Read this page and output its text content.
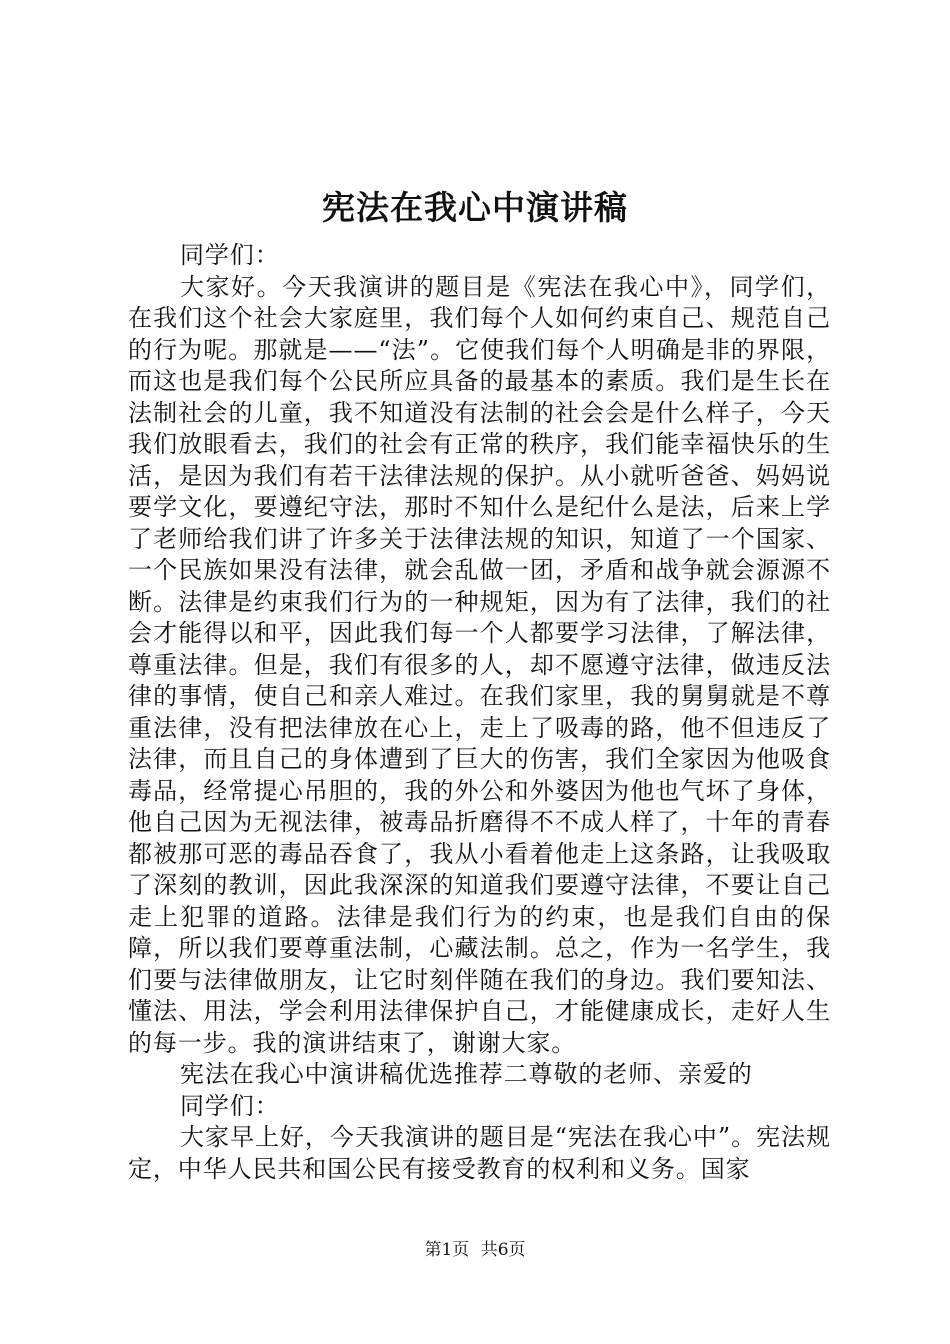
宪法在我心中演讲稿

同学们：

大家好。今天我演讲的题目是《宪法在我心中》，同学们，在我们这个社会大家庭里，我们每个人如何约束自己、规范自己的行为呢。那就是——“法”。它使我们每个人明确是非的界限，而这也是我们每个公民所应具备的最基本的素质。我们是生长在法制社会的儿童，我不知道没有法制的社会会是什么样子，今天我们放眼看去，我们的社会有正常的秩序，我们能幸福快乐的生活，是因为我们有若干法律法规的保护。从小就听爸爸、妈妈说要学文化，要遵纪守法，那时不知什么是纪什么是法，后来上学了老师给我们讲了许多关于法律法规的知识，知道了一个国家、一个民族如果没有法律，就会乱做一团，矛盾和战争就会源源不断。法律是约束我们行为的一种规矩，因为有了法律，我们的社会才能得以和平，因此我们每一个人都要学习法律，了解法律，尊重法律。但是，我们有很多的人，却不愿遵守法律，做违反法律的事情，使自己和亲人难过。在我们家里，我的舅舅就是不尊重法律，没有把法律放在心上，走上了吸毒的路，他不但违反了法律，而且自己的身体遭到了巨大的伤害，我们全家因为他吸食毒品，经常提心吊胆的，我的外公和外婆因为他也气坏了身体，他自己因为无视法律，被毒品折磨得不不成人样了，十年的青春都被那可恶的毒品吞食了，我从小看着他走上这条路，让我吸取了深刻的教训，因此我深深的知道我们要遵守法律，不要让自己走上犯罪的道路。法律是我们行为的约束，也是我们自由的保障，所以我们要尊重法制，心藏法制。总之，作为一名学生，我们要与法律做朋友，让它时刻伴随在我们的身边。我们要知法、懂法、用法，学会利用法律保护自己，才能健康成长，走好人生的每一步。我的演讲结束了，谢谢大家。

宪法在我心中演讲稿优选推荐二尊敬的老师、亲爱的

同学们：

大家早上好，今天我演讲的题目是“宪法在我心中”。宪法规定，中华人民共和国公民有接受教育的权利和义务。国家

第1页 共6页
